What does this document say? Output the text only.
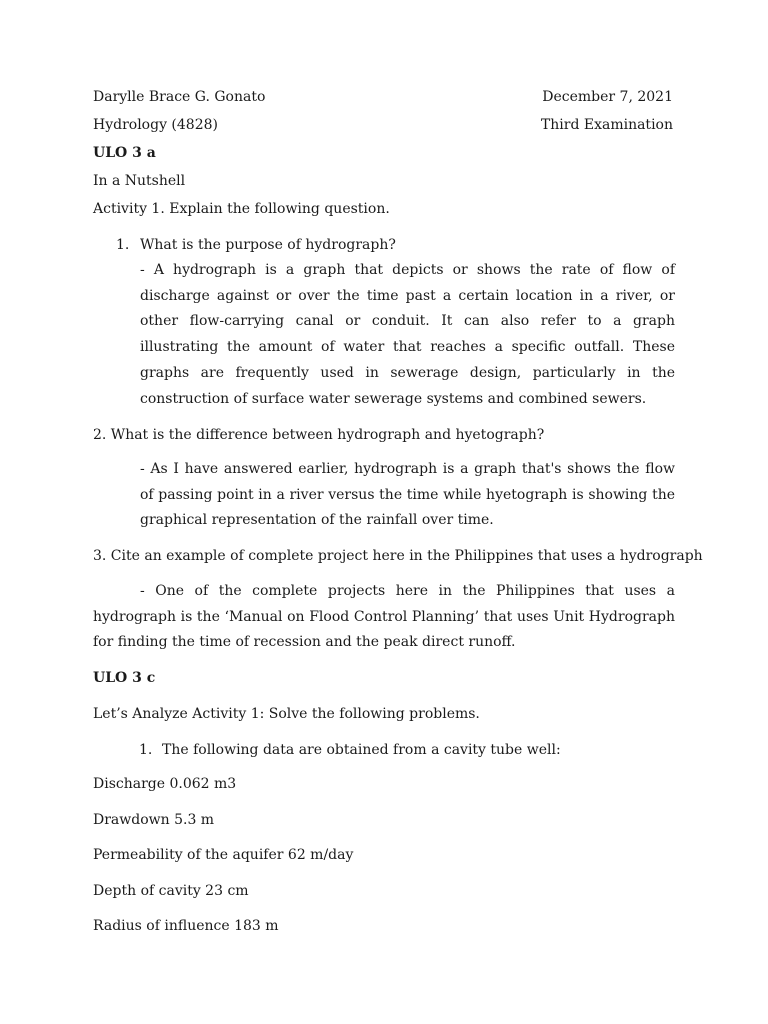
Darylle Brace G. Gonato	December 7, 2021
Hydrology (4828)	Third Examination
ULO 3 a
In a Nutshell
Activity 1. Explain the following question.
1. What is the purpose of hydrograph?
- A hydrograph is a graph that depicts or shows the rate of flow of discharge against or over the time past a certain location in a river, or other flow-carrying canal or conduit. It can also refer to a graph illustrating the amount of water that reaches a specific outfall. These graphs are frequently used in sewerage design, particularly in the construction of surface water sewerage systems and combined sewers.
2. What is the difference between hydrograph and hyetograph?
- As I have answered earlier, hydrograph is a graph that's shows the flow of passing point in a river versus the time while hyetograph is showing the graphical representation of the rainfall over time.
3. Cite an example of complete project here in the Philippines that uses a hydrograph
- One of the complete projects here in the Philippines that uses a hydrograph is the ‘Manual on Flood Control Planning’ that uses Unit Hydrograph for finding the time of recession and the peak direct runoff.
ULO 3 c
Let’s Analyze Activity 1: Solve the following problems.
1. The following data are obtained from a cavity tube well:
Discharge 0.062 m3
Drawdown 5.3 m
Permeability of the aquifer 62 m/day
Depth of cavity 23 cm
Radius of influence 183 m
